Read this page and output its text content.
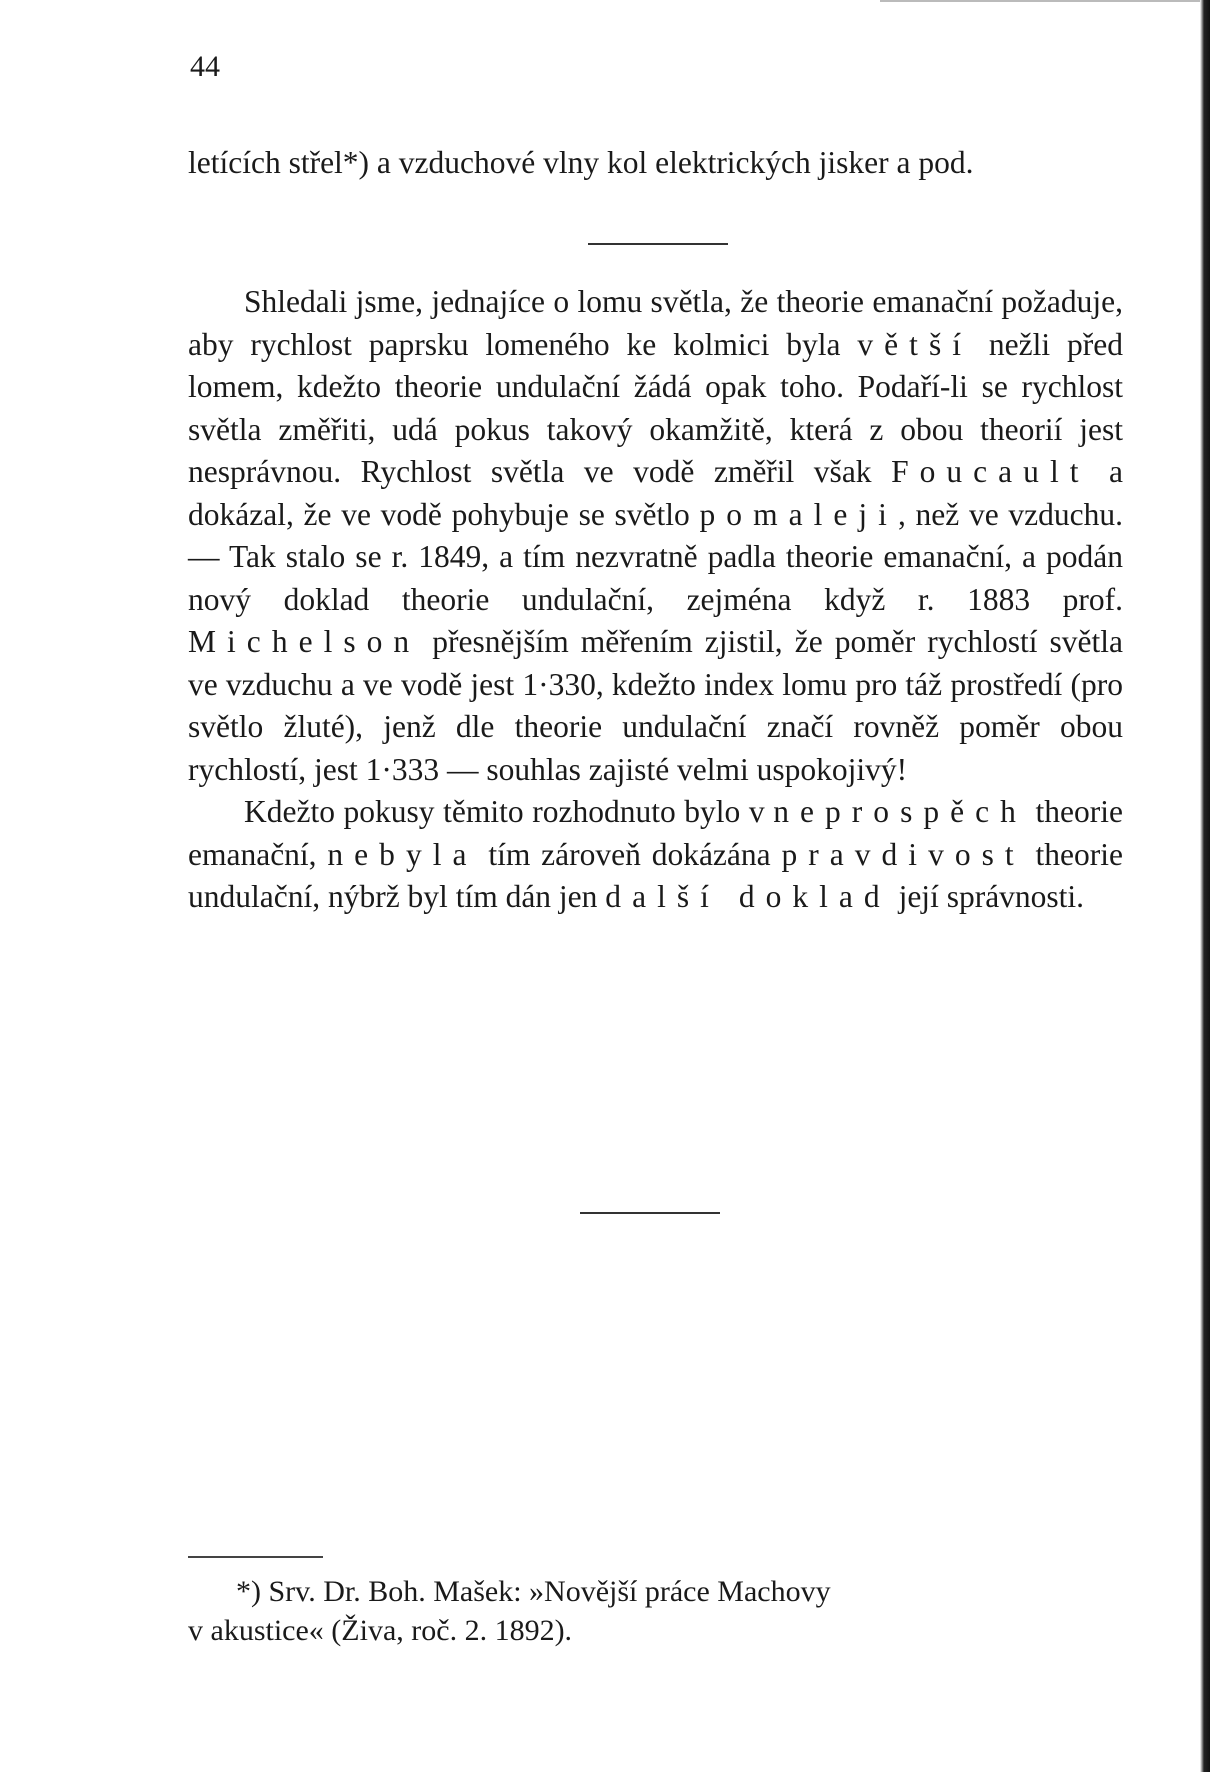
44

letících střel*) a vzduchové vlny kol elektrických jisker a pod.

Shledali jsme, jednajíce o lomu světla, že theorie emanační požaduje, aby rychlost paprsku lomeného ke kolmici byla větší nežli před lomem, kdežto theorie undulační žádá opak toho. Podaří-li se rychlost světla změřiti, udá pokus takový okamžitě, která z obou theorií jest nesprávnou. Rychlost světla ve vodě změřil však Foucault a dokázal, že ve vodě pohybuje se světlo pomaleji, než ve vzduchu. — Tak stalo se r. 1849, a tím nezvratně padla theorie emanační, a podán nový doklad theorie undulační, zejména když r. 1883 prof. Michelson přesnějším měřením zjistil, že poměr rychlostí světla ve vzduchu a ve vodě jest 1·330, kdežto index lomu pro táž prostředí (pro světlo žluté), jenž dle theorie undulační značí rovněž poměr obou rychlostí, jest 1·333 — souhlas zajisté velmi uspokojivý!

Kdežto pokusy těmito rozhodnuto bylo v neprospěch theorie emanační, nebyla tím zároveň dokázána pravdivost theorie undulační, nýbrž byl tím dán jen další doklad její správnosti.

*) Srv. Dr. Boh. Mašek: »Novější práce Machovy

v akustice« (Živa, roč. 2. 1892).
